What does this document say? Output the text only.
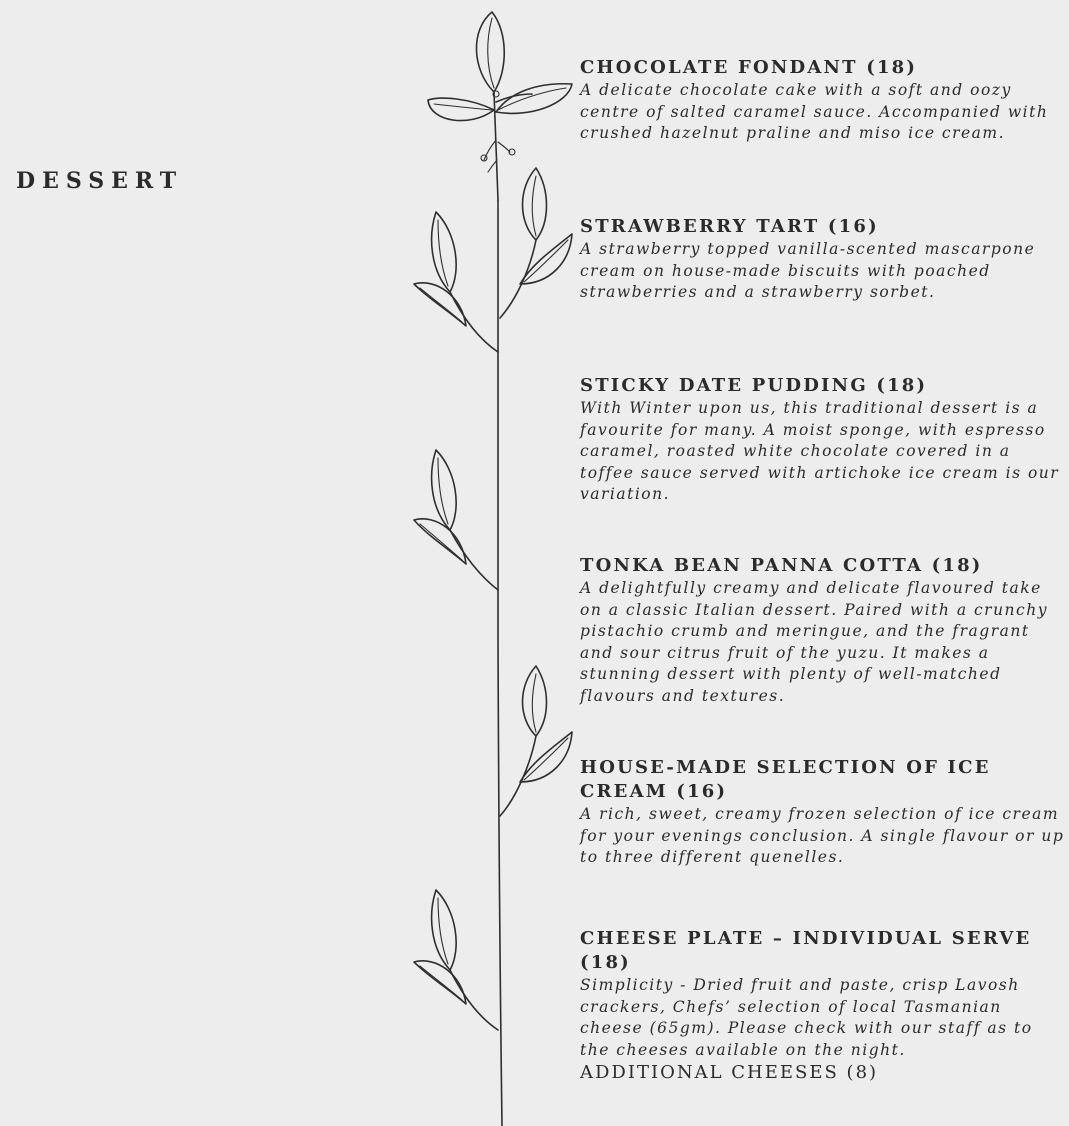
DESSERT
CHOCOLATE FONDANT (18)

A delicate chocolate cake with a soft and oozy centre of salted caramel sauce. Accompanied with crushed hazelnut praline and miso ice cream.

STRAWBERRY TART (16)

A strawberry topped vanilla-scented mascarpone cream on house-made biscuits with poached strawberries and a strawberry sorbet.

STICKY DATE PUDDING (18)

With Winter upon us, this traditional dessert is a favourite for many. A moist sponge, with espresso caramel, roasted white chocolate covered in a toffee sauce served with artichoke ice cream is our variation.

TONKA BEAN PANNA COTTA (18)

A delightfully creamy and delicate flavoured take on a classic Italian dessert. Paired with a crunchy pistachio crumb and meringue, and the fragrant and sour citrus fruit of the yuzu. It makes a stunning dessert with plenty of well-matched flavours and textures.

HOUSE-MADE SELECTION OF ICE CREAM (16)

A rich, sweet, creamy frozen selection of ice cream for your evenings conclusion. A single flavour or up to three different quenelles.

CHEESE PLATE – INDIVIDUAL SERVE (18)

Simplicity - Dried fruit and paste, crisp Lavosh crackers, Chefs’ selection of local Tasmanian cheese (65gm). Please check with our staff as to the cheeses available on the night.

ADDITIONAL CHEESES (8)
